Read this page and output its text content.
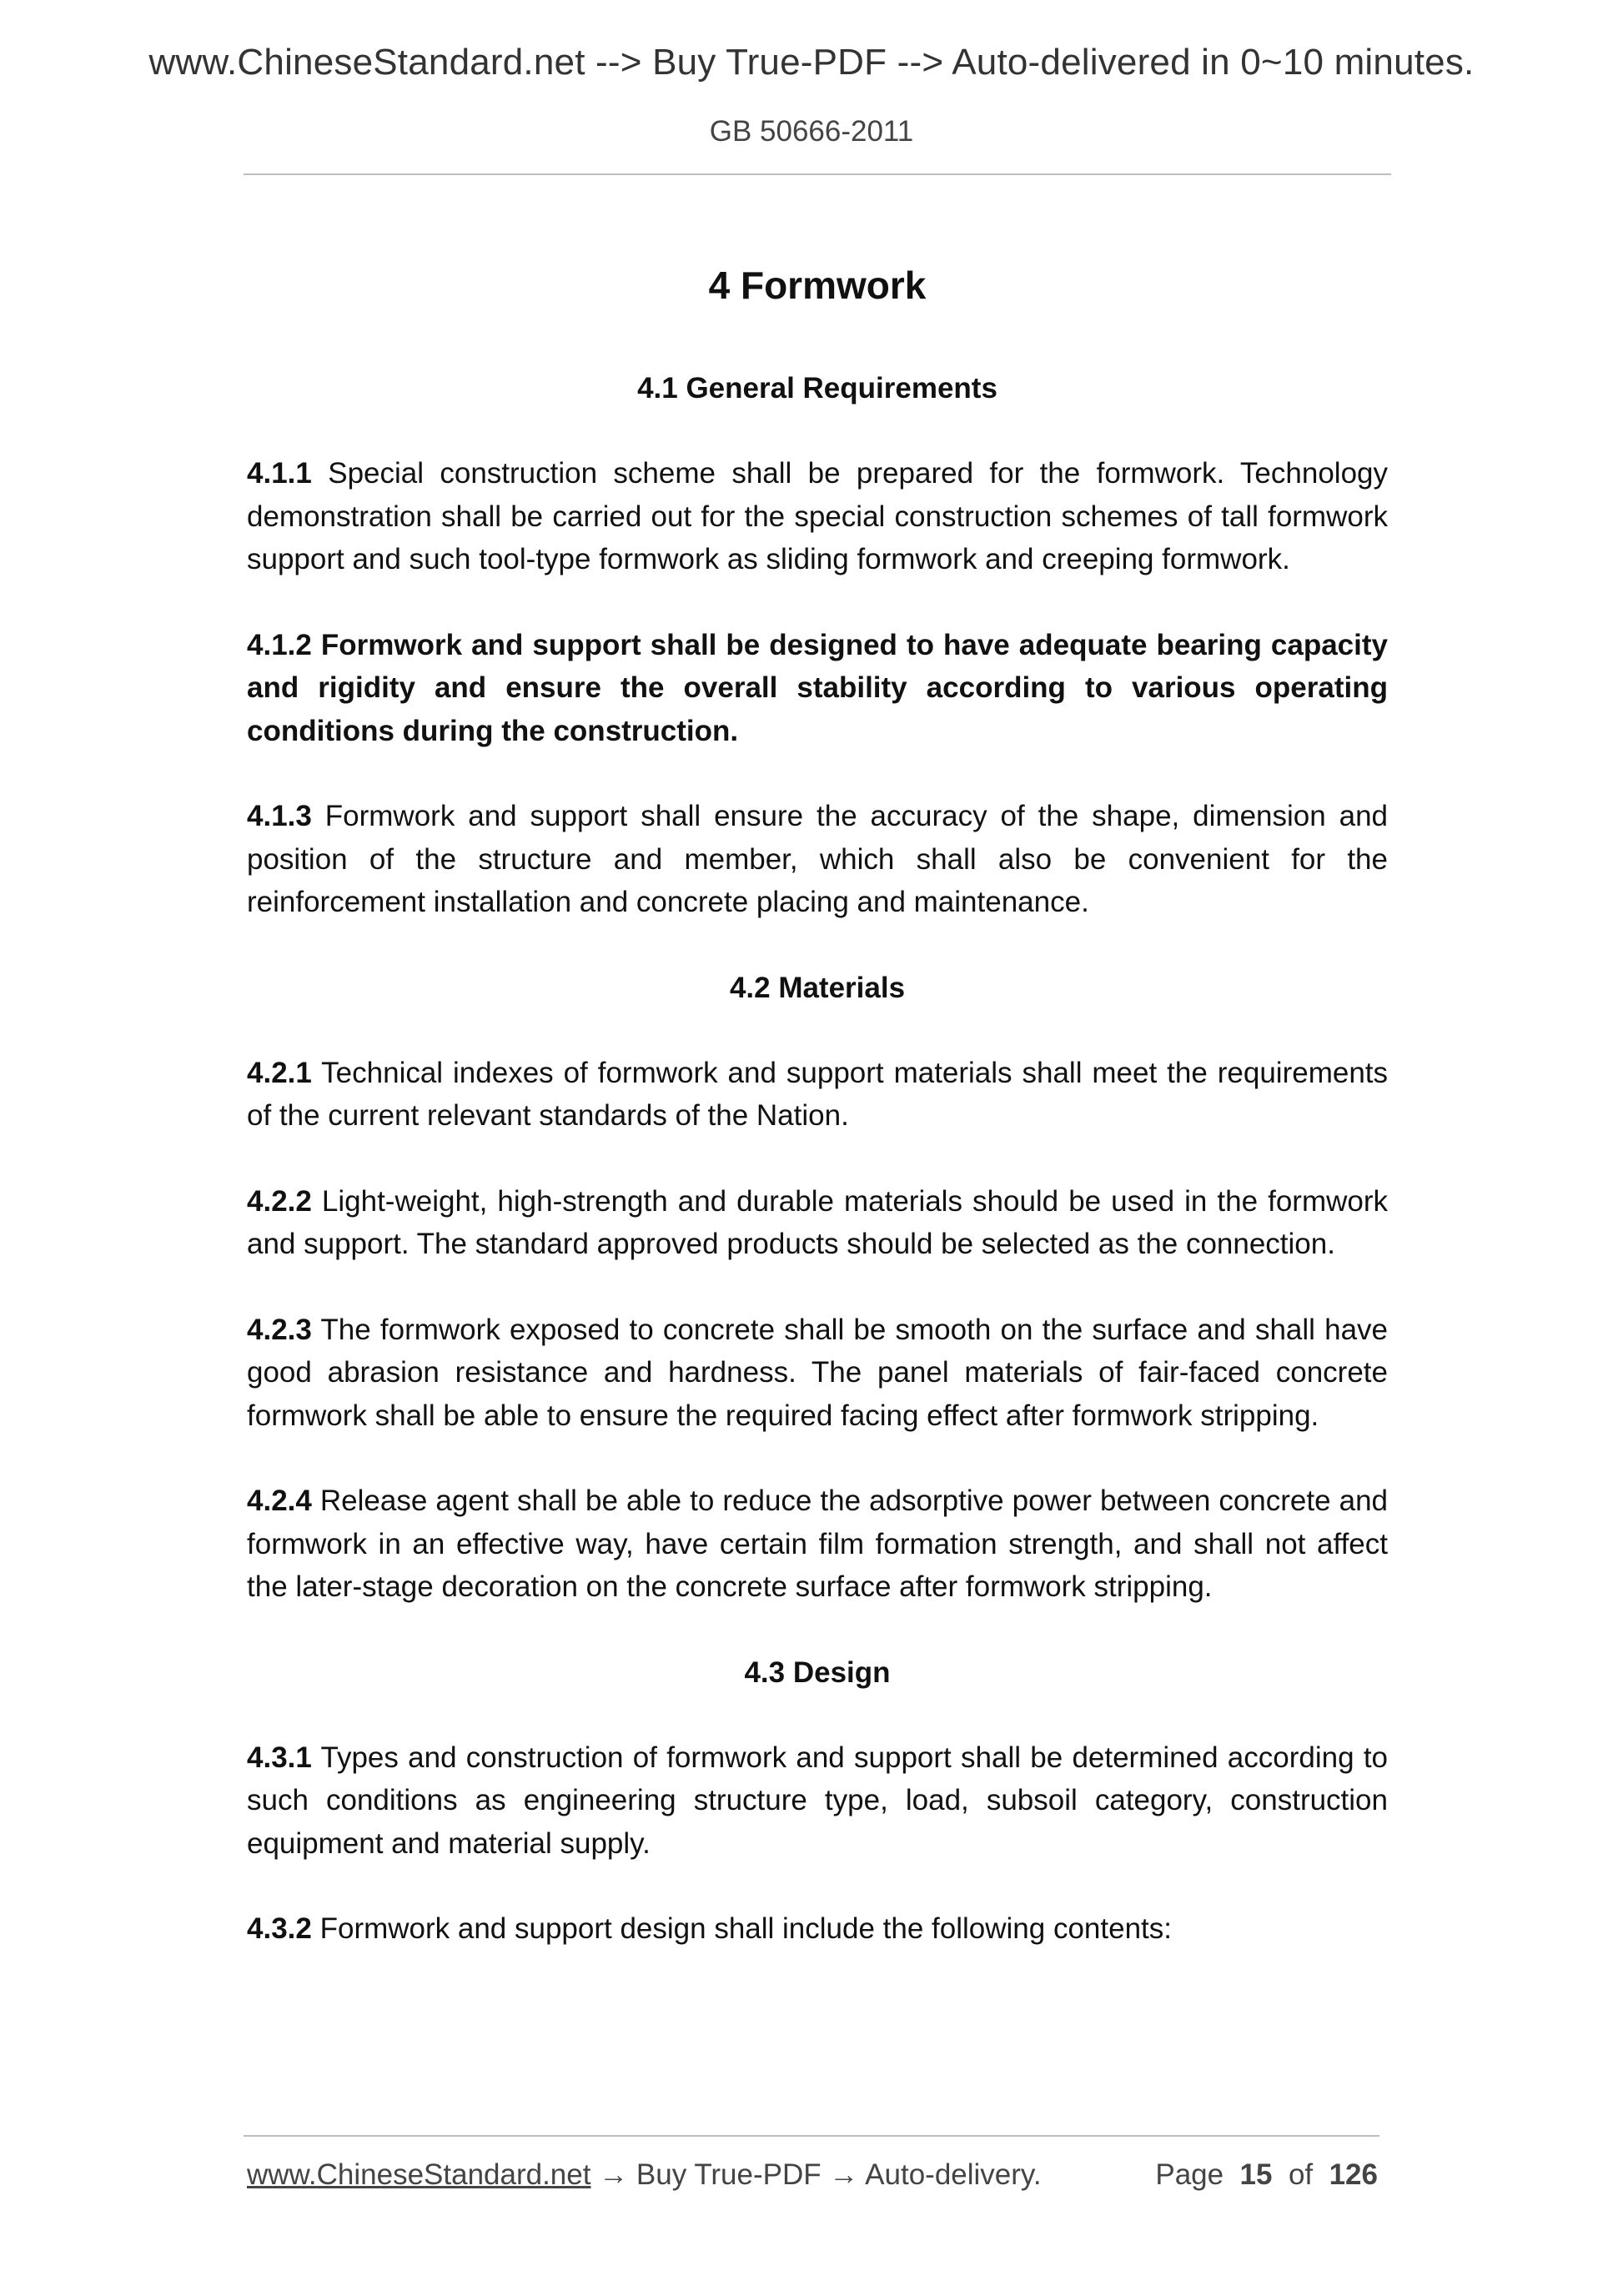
www.ChineseStandard.net --> Buy True-PDF --> Auto-delivered in 0~10 minutes.
GB 50666-2011
4 Formwork
4.1 General Requirements

4.1.1 Special construction scheme shall be prepared for the formwork. Technology demonstration shall be carried out for the special construction schemes of tall formwork support and such tool-type formwork as sliding formwork and creeping formwork.

4.1.2 Formwork and support shall be designed to have adequate bearing capacity and rigidity and ensure the overall stability according to various operating conditions during the construction.

4.1.3 Formwork and support shall ensure the accuracy of the shape, dimension and position of the structure and member, which shall also be convenient for the reinforcement installation and concrete placing and maintenance.

4.2 Materials

4.2.1 Technical indexes of formwork and support materials shall meet the requirements of the current relevant standards of the Nation.

4.2.2 Light-weight, high-strength and durable materials should be used in the formwork and support. The standard approved products should be selected as the connection.

4.2.3 The formwork exposed to concrete shall be smooth on the surface and shall have good abrasion resistance and hardness. The panel materials of fair-faced concrete formwork shall be able to ensure the required facing effect after formwork stripping.

4.2.4 Release agent shall be able to reduce the adsorptive power between concrete and formwork in an effective way, have certain film formation strength, and shall not affect the later-stage decoration on the concrete surface after formwork stripping.

4.3 Design

4.3.1 Types and construction of formwork and support shall be determined according to such conditions as engineering structure type, load, subsoil category, construction equipment and material supply.

4.3.2 Formwork and support design shall include the following contents:

www.ChineseStandard.net → Buy True-PDF → Auto-delivery.	Page 15 of 126
